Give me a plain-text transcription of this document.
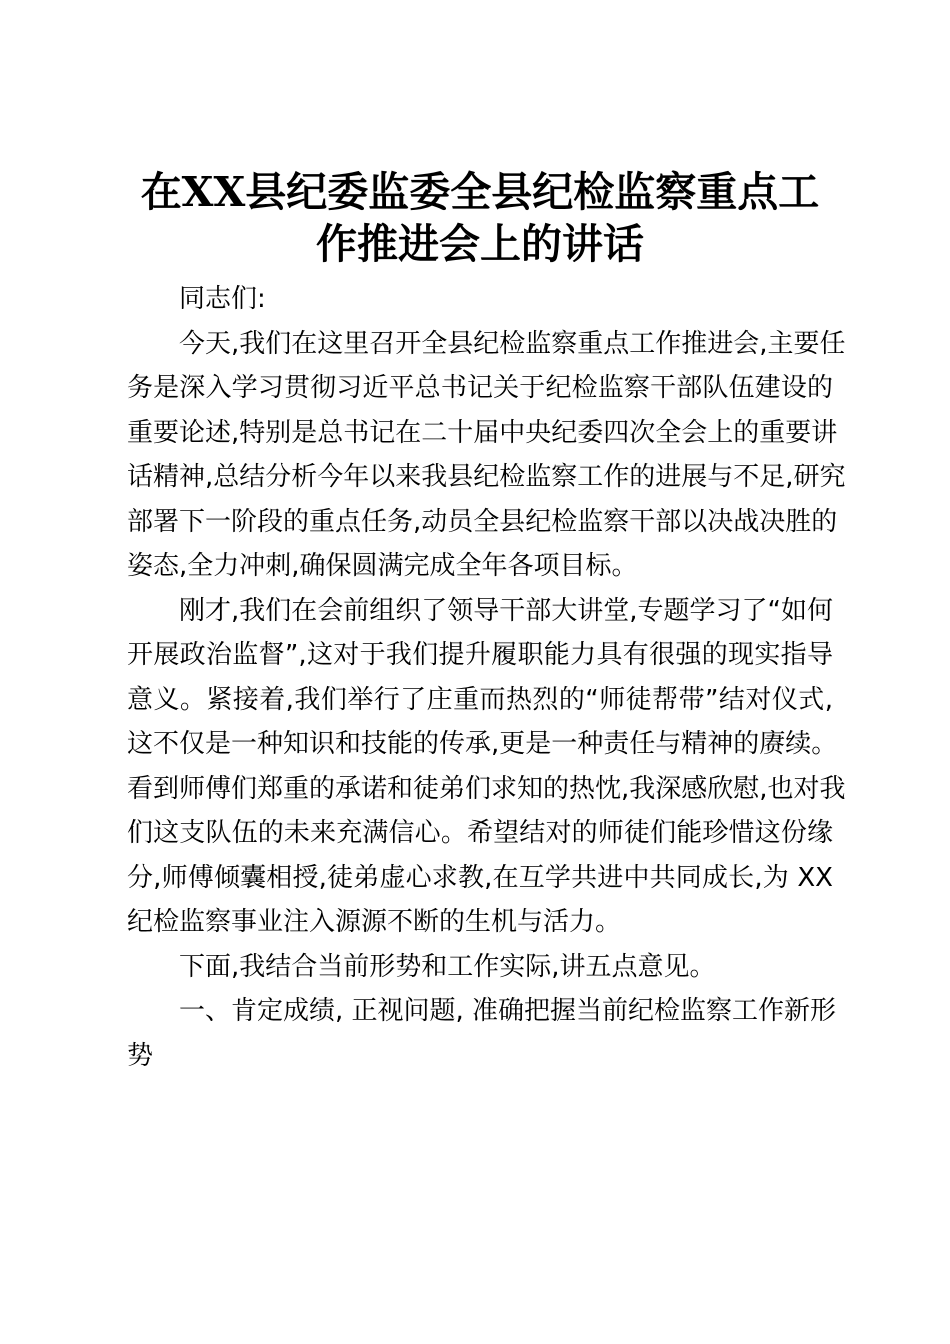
在XX县纪委监委全县纪检监察重点工
作推进会上的讲话
同志们:
今天,我们在这里召开全县纪检监察重点工作推进会,主要任
务是深入学习贯彻习近平总书记关于纪检监察干部队伍建设的
重要论述,特别是总书记在二十届中央纪委四次全会上的重要讲
话精神,总结分析今年以来我县纪检监察工作的进展与不足,研究
部署下一阶段的重点任务,动员全县纪检监察干部以决战决胜的
姿态,全力冲刺,确保圆满完成全年各项目标。
刚才,我们在会前组织了领导干部大讲堂,专题学习了“如何
开展政治监督”,这对于我们提升履职能力具有很强的现实指导
意义。紧接着,我们举行了庄重而热烈的“师徒帮带”结对仪式,
这不仅是一种知识和技能的传承,更是一种责任与精神的赓续。
看到师傅们郑重的承诺和徒弟们求知的热忱,我深感欣慰,也对我
们这支队伍的未来充满信心。希望结对的师徒们能珍惜这份缘
分,师傅倾囊相授,徒弟虚心求教,在互学共进中共同成长,为 XX
纪检监察事业注入源源不断的生机与活力。
下面,我结合当前形势和工作实际,讲五点意见。
一、肯定成绩, 正视问题, 准确把握当前纪检监察工作新形
势
